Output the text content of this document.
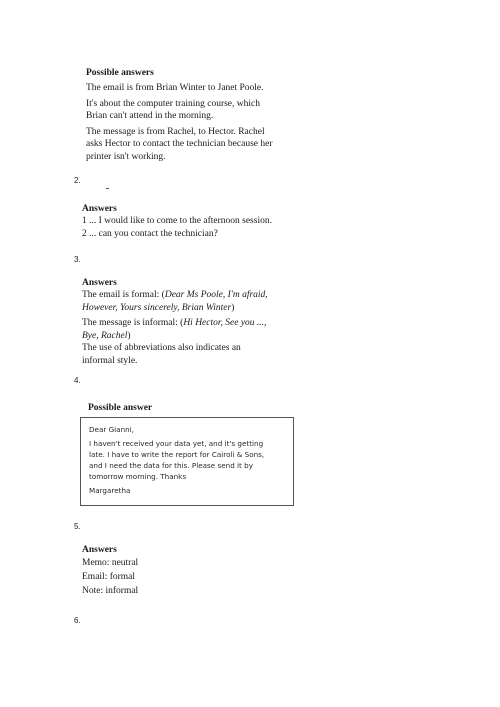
Possible answers

The email is from Brian Winter to Janet Poole.

It's about the computer training course, which

Brian can't attend in the morning.

The message is from Rachel, to Hector. Rachel

asks Hector to contact the technician because her

printer isn't working.

2.

Answers

1 ... I would like to come to the afternoon session.

2 ... can you contact the technician?

3.

Answers

The email is formal: (Dear Ms Poole, I'm afraid,

However, Yours sincerely, Brian Winter)

The message is informal: (Hi Hector, See you ...,

Bye, Rachel)

The use of abbreviations also indicates an

informal style.

4.

Possible answer

Dear Gianni,

I haven't received your data yet, and it's getting

late. I have to write the report for Cairoli & Sons,

and I need the data for this. Please send it by

tomorrow morning. Thanks

Margaretha

5.

Answers

Memo: neutral

Email: formal

Note: informal

6.
